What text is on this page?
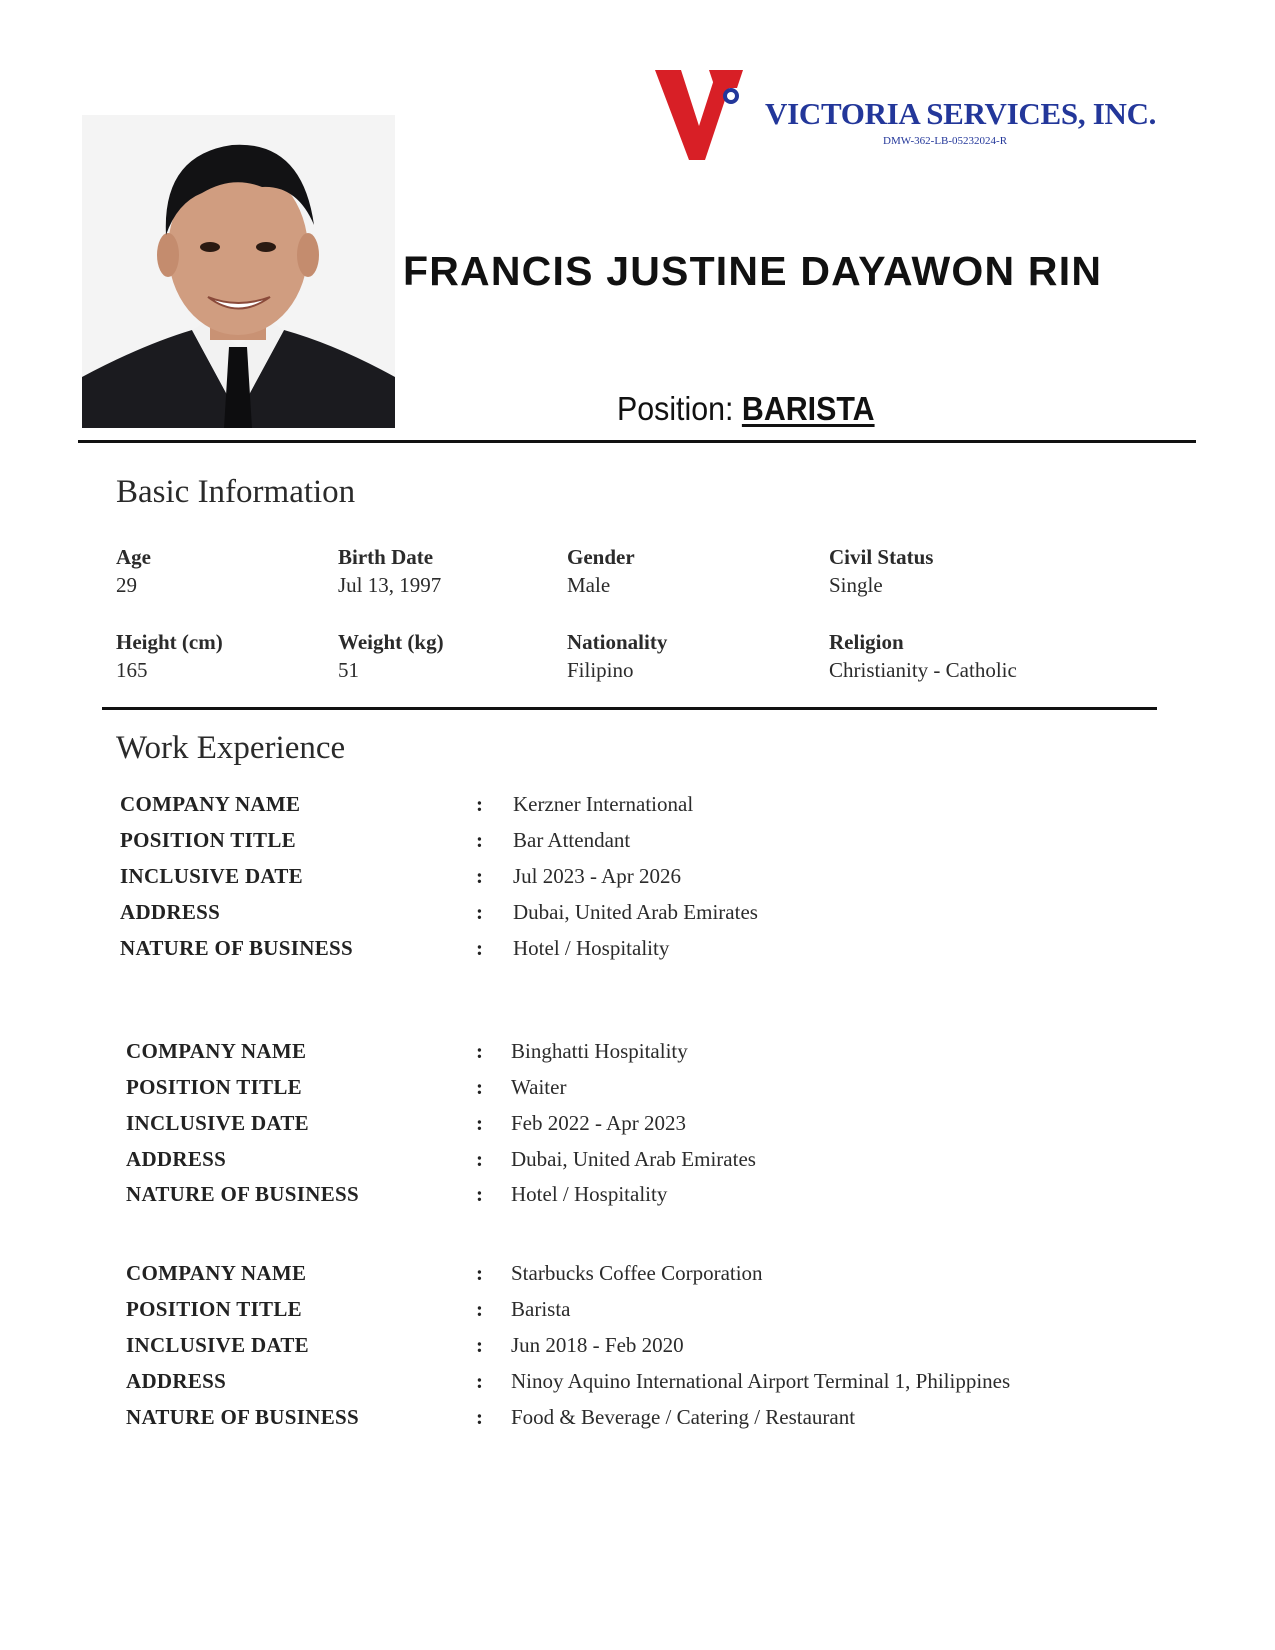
VICTORIA SERVICES, INC.
DMW-362-LB-05232024-R
FRANCIS JUSTINE DAYAWON RIN
Position: BARISTA
Basic Information
Age
29
Birth Date
Jul 13, 1997
Gender
Male
Civil Status
Single
Height (cm)
165
Weight (kg)
51
Nationality
Filipino
Religion
Christianity - Catholic
Work Experience
COMPANY NAME	: Kerzner International
POSITION TITLE	: Bar Attendant
INCLUSIVE DATE	: Jul 2023 - Apr 2026
ADDRESS	: Dubai, United Arab Emirates
NATURE OF BUSINESS	: Hotel / Hospitality
COMPANY NAME	: Binghatti Hospitality
POSITION TITLE	: Waiter
INCLUSIVE DATE	: Feb 2022 - Apr 2023
ADDRESS	: Dubai, United Arab Emirates
NATURE OF BUSINESS	: Hotel / Hospitality
COMPANY NAME	: Starbucks Coffee Corporation
POSITION TITLE	: Barista
INCLUSIVE DATE	: Jun 2018 - Feb 2020
ADDRESS	: Ninoy Aquino International Airport Terminal 1, Philippines
NATURE OF BUSINESS	: Food & Beverage / Catering / Restaurant
